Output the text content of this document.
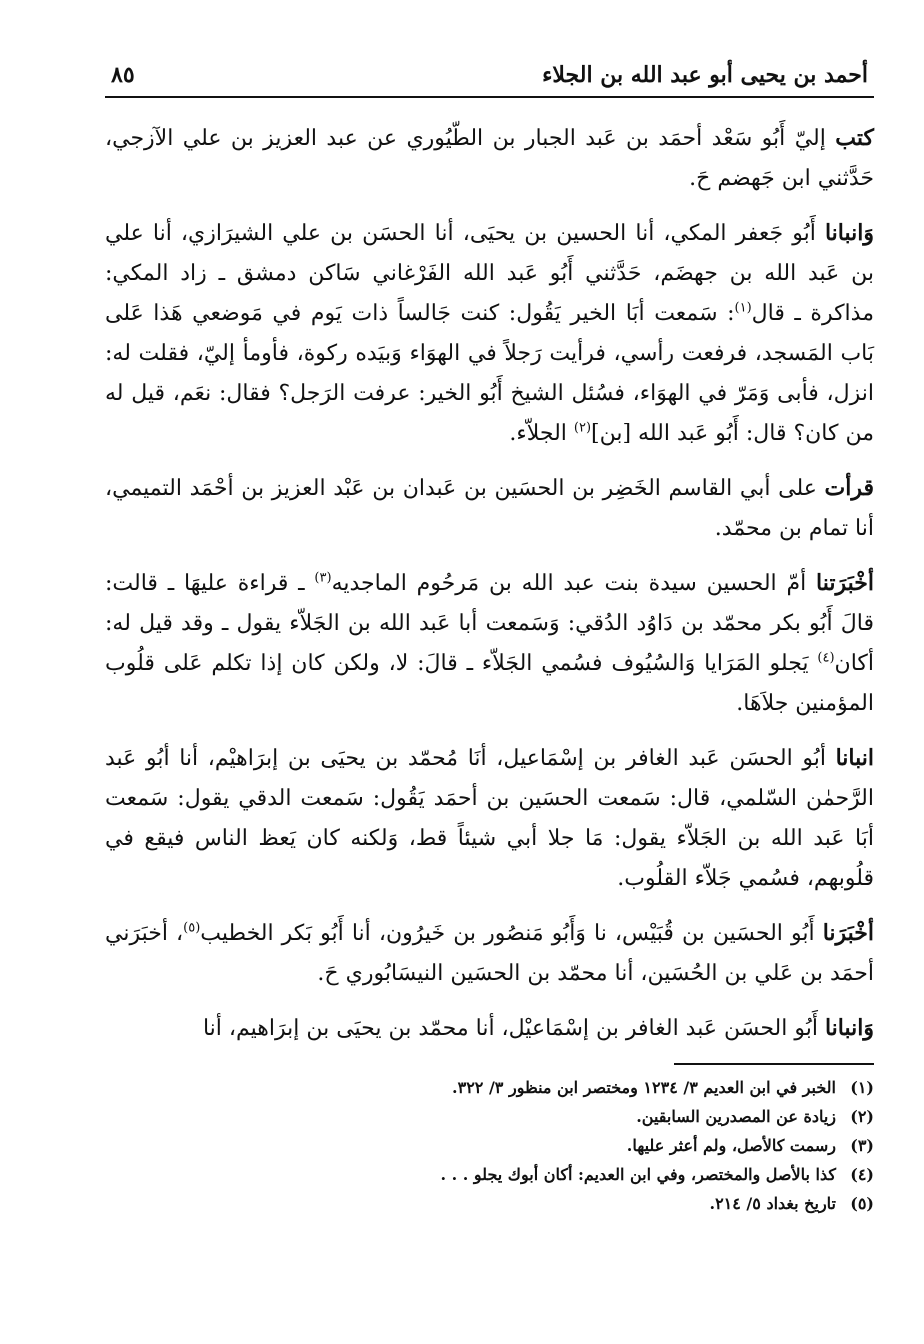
أحمد بن يحيى أبو عبد الله بن الجلاء
٨٥

كتب إليّ أَبُو سَعْد أحمَد بن عَبد الجبار بن الطّيُوري عن عبد العزيز بن علي الآزجي، حَدَّثني ابن جَهضم حَ.

وَانبانا أَبُو جَعفر المكي، أنا الحسين بن يحيَى، أنا الحسَن بن علي الشيرَازي، أنا علي بن عَبد الله بن جهضَم، حَدَّثني أَبُو عَبد الله الفَرْغاني سَاكن دمشق ـ زاد المكي: مذاكرة ـ قال$^{(١)}$: سَمعت أبَا الخير يَقُول: كنت جَالساً ذات يَوم في مَوضعي هَذا عَلى بَاب المَسجد، فرفعت رأسي، فرأيت رَجلاً في الهوَاء وَبيَده ركوة، فأومأ إليّ، فقلت له: انزل، فأبى وَمَرّ في الهوَاء، فسُئل الشيخ أَبُو الخير: عرفت الرَجل؟ فقال: نعَم، قيل له من كان؟ قال: أَبُو عَبد الله [بن]$^{(٢)}$ الجلاّء.

قرأت على أبي القاسم الخَضِر بن الحسَين بن عَبدان بن عَبْد العزيز بن أحْمَد التميمي، أنا تمام بن محمّد.

أخْبَرَتنا أمّ الحسين سيدة بنت عبد الله بن مَرحُوم الماجديه$^{(٣)}$ ـ قراءة عليهَا ـ قالت: قالَ أَبُو بكر محمّد بن دَاوُد الدُقي: وَسَمعت أبا عَبد الله بن الجَلاّء يقول ـ وقد قيل له: أكان$^{(٤)}$ يَجلو المَرَايا وَالسُيُوف فسُمي الجَلاّء ـ قالَ: لا، ولكن كان إذا تكلم عَلى قلُوب المؤمنين جلاَهَا.

انبانا أبُو الحسَن عَبد الغافر بن إسْمَاعيل، أنَا مُحمّد بن يحيَى بن إبرَاهيْم، أنا أبُو عَبد الرَّحمٰن السّلمي، قال: سَمعت الحسَين بن أحمَد يَقُول: سَمعت الدقي يقول: سَمعت أبَا عَبد الله بن الجَلاّء يقول: مَا جلا أبي شيئاً قط، وَلكنه كان يَعظ الناس فيقع في قلُوبهم، فسُمي جَلاّء القلُوب.

أخْبَرَنا أَبُو الحسَين بن قُبَيْس، نا وَأَبُو مَنصُور بن خَيرُون، أنا أَبُو بَكر الخطيب$^{(٥)}$، أخبَرَني أحمَد بن عَلي بن الحُسَين، أنا محمّد بن الحسَين النيسَابُوري حَ.

وَانبانا أَبُو الحسَن عَبد الغافر بن إسْمَاعيْل، أنا محمّد بن يحيَى بن إبرَاهيم، أنا

(١)
الخبر في ابن العديم ٣/ ١٢٣٤ ومختصر ابن منظور ٣/ ٣٢٢.
(٢)
زيادة عن المصدرين السابقين.
(٣)
رسمت كالأصل، ولم أعثر عليها.
(٤)
كذا بالأصل والمختصر، وفي ابن العديم: أكان أبوك يجلو . . .
(٥)
تاريخ بغداد ٥/ ٢١٤.
